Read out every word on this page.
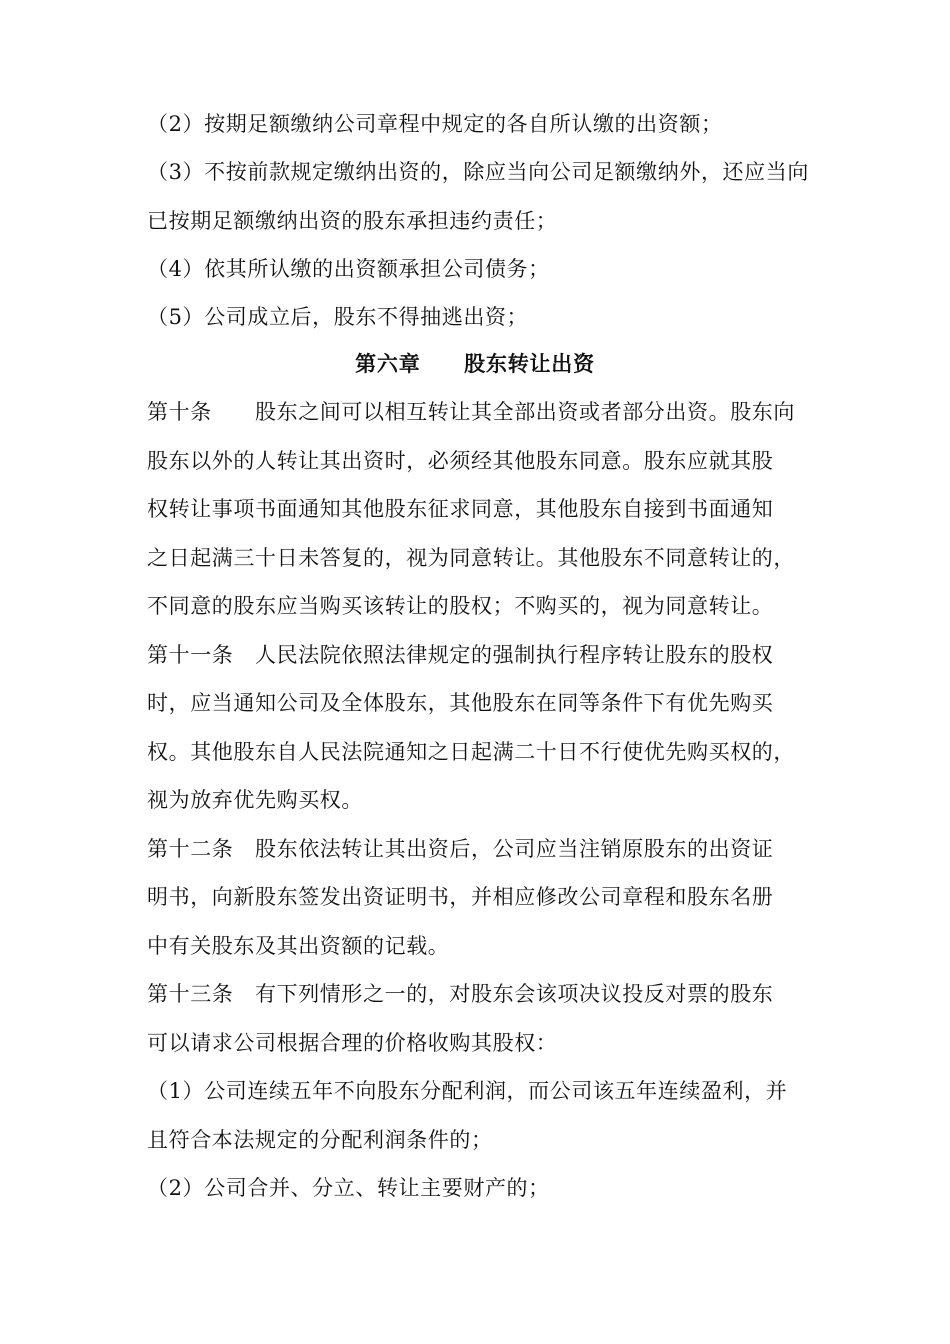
（2）按期足额缴纳公司章程中规定的各自所认缴的出资额；
（3）不按前款规定缴纳出资的，除应当向公司足额缴纳外，还应当向
已按期足额缴纳出资的股东承担违约责任；
（4）依其所认缴的出资额承担公司债务；
（5）公司成立后，股东不得抽逃出资；
第六章　　股东转让出资
第十条　　股东之间可以相互转让其全部出资或者部分出资。股东向
股东以外的人转让其出资时，必须经其他股东同意。股东应就其股
权转让事项书面通知其他股东征求同意，其他股东自接到书面通知
之日起满三十日未答复的，视为同意转让。其他股东不同意转让的，
不同意的股东应当购买该转让的股权；不购买的，视为同意转让。
第十一条　人民法院依照法律规定的强制执行程序转让股东的股权
时，应当通知公司及全体股东，其他股东在同等条件下有优先购买
权。其他股东自人民法院通知之日起满二十日不行使优先购买权的，
视为放弃优先购买权。
第十二条　股东依法转让其出资后，公司应当注销原股东的出资证
明书，向新股东签发出资证明书，并相应修改公司章程和股东名册
中有关股东及其出资额的记载。
第十三条　有下列情形之一的，对股东会该项决议投反对票的股东
可以请求公司根据合理的价格收购其股权：
（1）公司连续五年不向股东分配利润，而公司该五年连续盈利，并
且符合本法规定的分配利润条件的；
（2）公司合并、分立、转让主要财产的；
